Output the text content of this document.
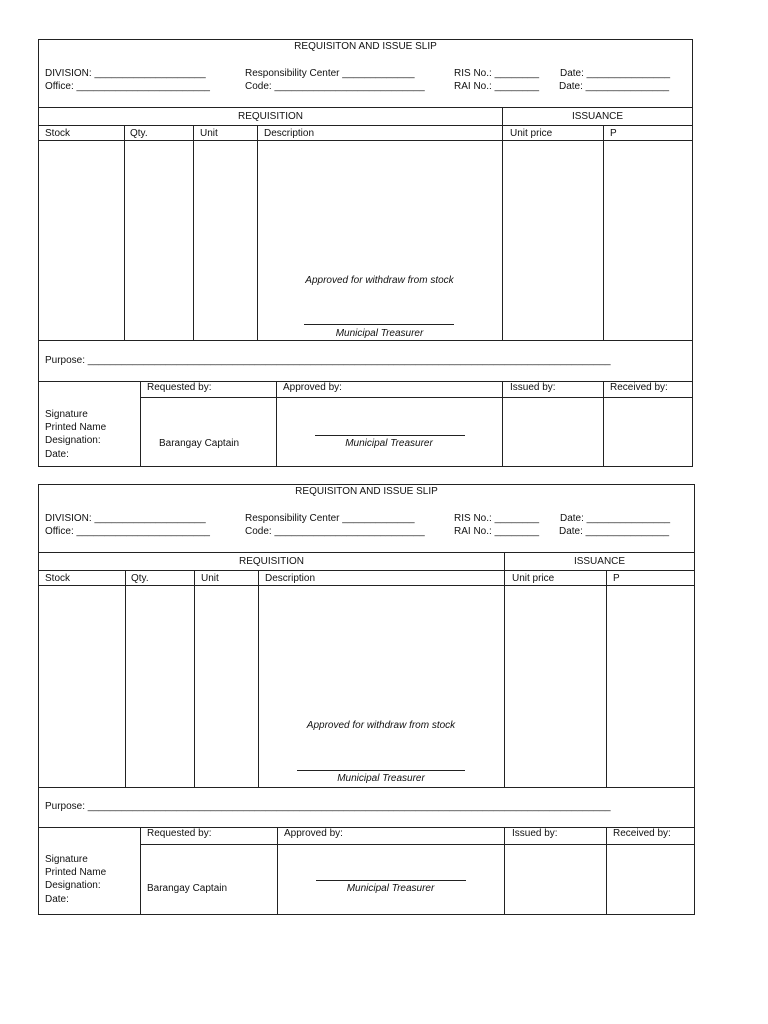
REQUISITON AND ISSUE SLIP
DIVISION: ____________________
Office: ________________________
Responsibility Center _____________
Code: ___________________________
RIS No.: ________
RAI No.: ________
Date: _______________
Date: _______________
REQUISITION	ISSUANCE
Stock	Qty.	Unit	Description	Unit price	P
Approved for withdraw from stock
Municipal Treasurer
Purpose: ______________________________________________________________________________________________
Requested by:	Approved by:	Issued by:	Received by:
Signature
Printed Name
Designation:
Date:
Barangay Captain	Municipal Treasurer
REQUISITON AND ISSUE SLIP
DIVISION: ____________________
Office: ________________________
Responsibility Center _____________
Code: ___________________________
RIS No.: ________
RAI No.: ________
Date: _______________
Date: _______________
REQUISITION	ISSUANCE
Stock	Qty.	Unit	Description	Unit price	P
Approved for withdraw from stock
Municipal Treasurer
Purpose: ______________________________________________________________________________________________
Requested by:	Approved by:	Issued by:	Received by:
Signature
Printed Name
Designation:
Date:
Barangay Captain	Municipal Treasurer
